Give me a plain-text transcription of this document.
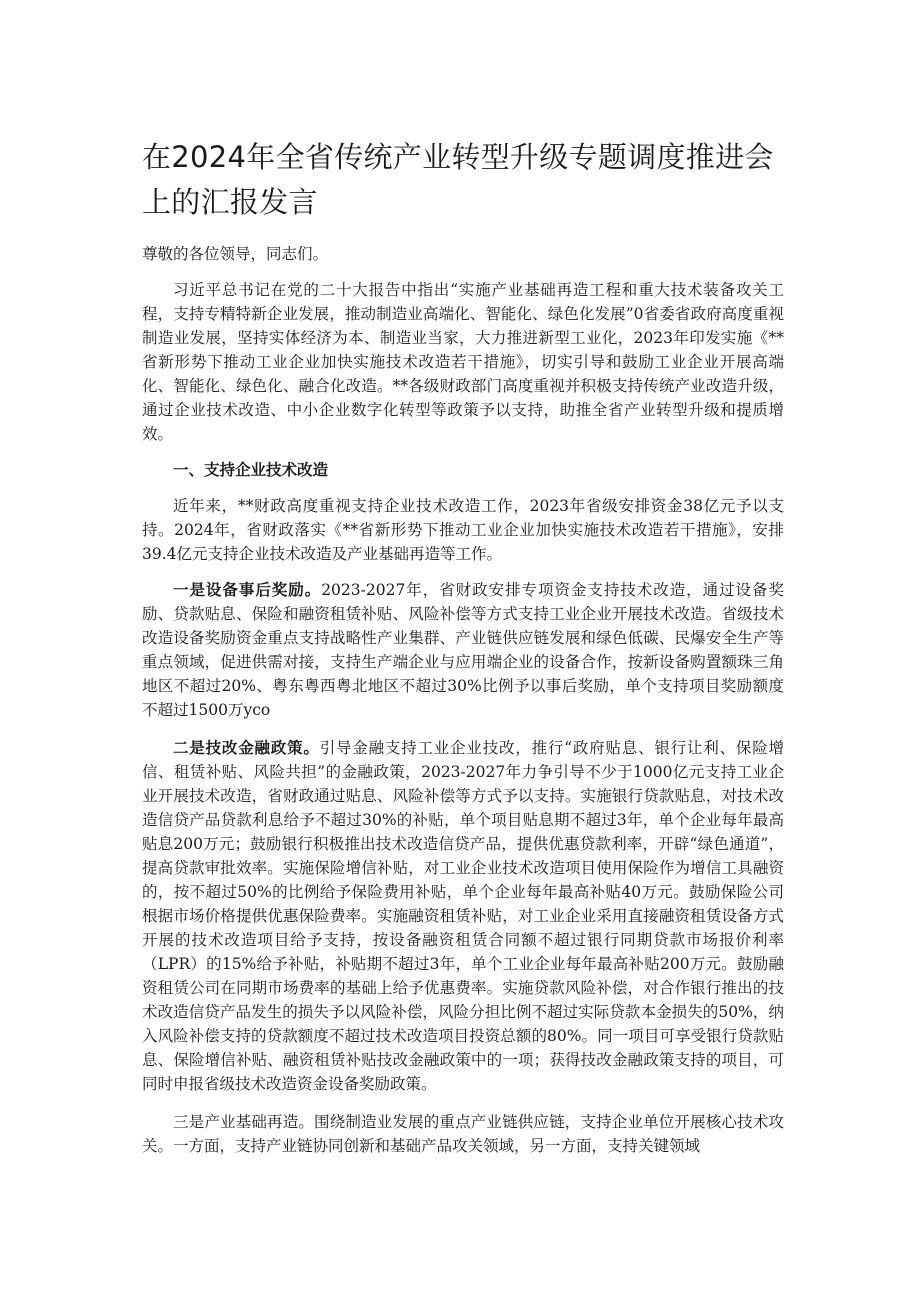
在2024年全省传统产业转型升级专题调度推进会上的汇报发言

尊敬的各位领导，同志们。

习近平总书记在党的二十大报告中指出“实施产业基础再造工程和重大技术装备攻关工程，支持专精特新企业发展，推动制造业高端化、智能化、绿色化发展”0省委省政府高度重视制造业发展，坚持实体经济为本、制造业当家，大力推进新型工业化，2023年印发实施《**省新形势下推动工业企业加快实施技术改造若干措施》，切实引导和鼓励工业企业开展高端化、智能化、绿色化、融合化改造。**各级财政部门高度重视并积极支持传统产业改造升级，通过企业技术改造、中小企业数字化转型等政策予以支持，助推全省产业转型升级和提质增效。

一、支持企业技术改造

近年来，**财政高度重视支持企业技术改造工作，2023年省级安排资金38亿元予以支持。2024年，省财政落实《**省新形势下推动工业企业加快实施技术改造若干措施》，安排39.4亿元支持企业技术改造及产业基础再造等工作。

一是设备事后奖励。2023-2027年，省财政安排专项资金支持技术改造，通过设备奖励、贷款贴息、保险和融资租赁补贴、风险补偿等方式支持工业企业开展技术改造。省级技术改造设备奖励资金重点支持战略性产业集群、产业链供应链发展和绿色低碳、民爆安全生产等重点领域，促进供需对接，支持生产端企业与应用端企业的设备合作，按新设备购置额珠三角地区不超过20%、粤东粤西粤北地区不超过30%比例予以事后奖励，单个支持项目奖励额度不超过1500万yco

二是技改金融政策。引导金融支持工业企业技改，推行“政府贴息、银行让利、保险增信、租赁补贴、风险共担”的金融政策，2023-2027年力争引导不少于1000亿元支持工业企业开展技术改造，省财政通过贴息、风险补偿等方式予以支持。实施银行贷款贴息，对技术改造信贷产品贷款利息给予不超过30%的补贴，单个项目贴息期不超过3年，单个企业每年最高贴息200万元；鼓励银行积极推出技术改造信贷产品，提供优惠贷款利率，开辟“绿色通道”，提高贷款审批效率。实施保险增信补贴，对工业企业技术改造项目使用保险作为增信工具融资的，按不超过50%的比例给予保险费用补贴，单个企业每年最高补贴40万元。鼓励保险公司根据市场价格提供优惠保险费率。实施融资租赁补贴，对工业企业采用直接融资租赁设备方式开展的技术改造项目给予支持，按设备融资租赁合同额不超过银行同期贷款市场报价利率（LPR）的15%给予补贴，补贴期不超过3年，单个工业企业每年最高补贴200万元。鼓励融资租赁公司在同期市场费率的基础上给予优惠费率。实施贷款风险补偿，对合作银行推出的技术改造信贷产品发生的损失予以风险补偿，风险分担比例不超过实际贷款本金损失的50%，纳入风险补偿支持的贷款额度不超过技术改造项目投资总额的80%。同一项目可享受银行贷款贴息、保险增信补贴、融资租赁补贴技改金融政策中的一项；获得技改金融政策支持的项目，可同时申报省级技术改造资金设备奖励政策。

三是产业基础再造。围绕制造业发展的重点产业链供应链，支持企业单位开展核心技术攻关。一方面，支持产业链协同创新和基础产品攻关领域，另一方面，支持关键领域
